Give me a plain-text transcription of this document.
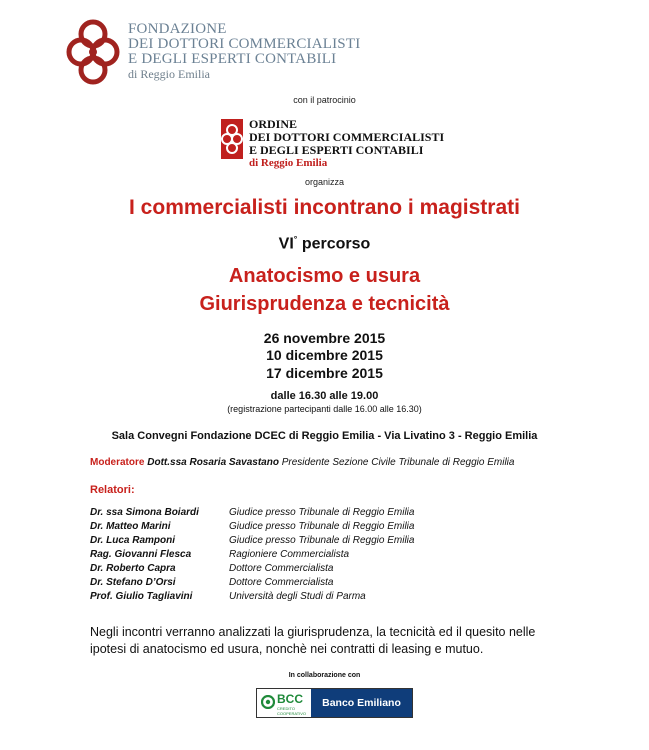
FONDAZIONE
DEI DOTTORI COMMERCIALISTI
E DEGLI ESPERTI CONTABILI
di Reggio Emilia
con il patrocinio
ORDINE
DEI DOTTORI COMMERCIALISTI
E DEGLI ESPERTI CONTABILI
di Reggio Emilia
organizza
I commercialisti incontrano i magistrati
VI° percorso
Anatocismo e usura
Giurisprudenza e tecnicità
26 novembre 2015
10 dicembre 2015
17 dicembre 2015
dalle 16.30 alle 19.00
(registrazione partecipanti dalle 16.00 alle 16.30)
Sala Convegni Fondazione DCEC di Reggio Emilia - Via Livatino 3 - Reggio Emilia
Moderatore Dott.ssa Rosaria Savastano Presidente Sezione Civile Tribunale di Reggio Emilia
Relatori:
Dr. ssa Simona Boiardi	Giudice presso Tribunale di Reggio Emilia
Dr. Matteo Marini	Giudice presso Tribunale di Reggio Emilia
Dr. Luca Ramponi	Giudice presso Tribunale di Reggio Emilia
Rag. Giovanni Flesca	Ragioniere Commercialista
Dr. Roberto Capra	Dottore Commercialista
Dr. Stefano D’Orsi	Dottore Commercialista
Prof. Giulio Tagliavini	Università degli Studi di Parma
Negli incontri verranno analizzati la giurisprudenza, la tecnicità ed il quesito nelle ipotesi di anatocismo ed usura, nonchè nei contratti di leasing e mutuo.
In collaborazione con
BCC
CREDITO COOPERATIVO
Banco Emiliano
